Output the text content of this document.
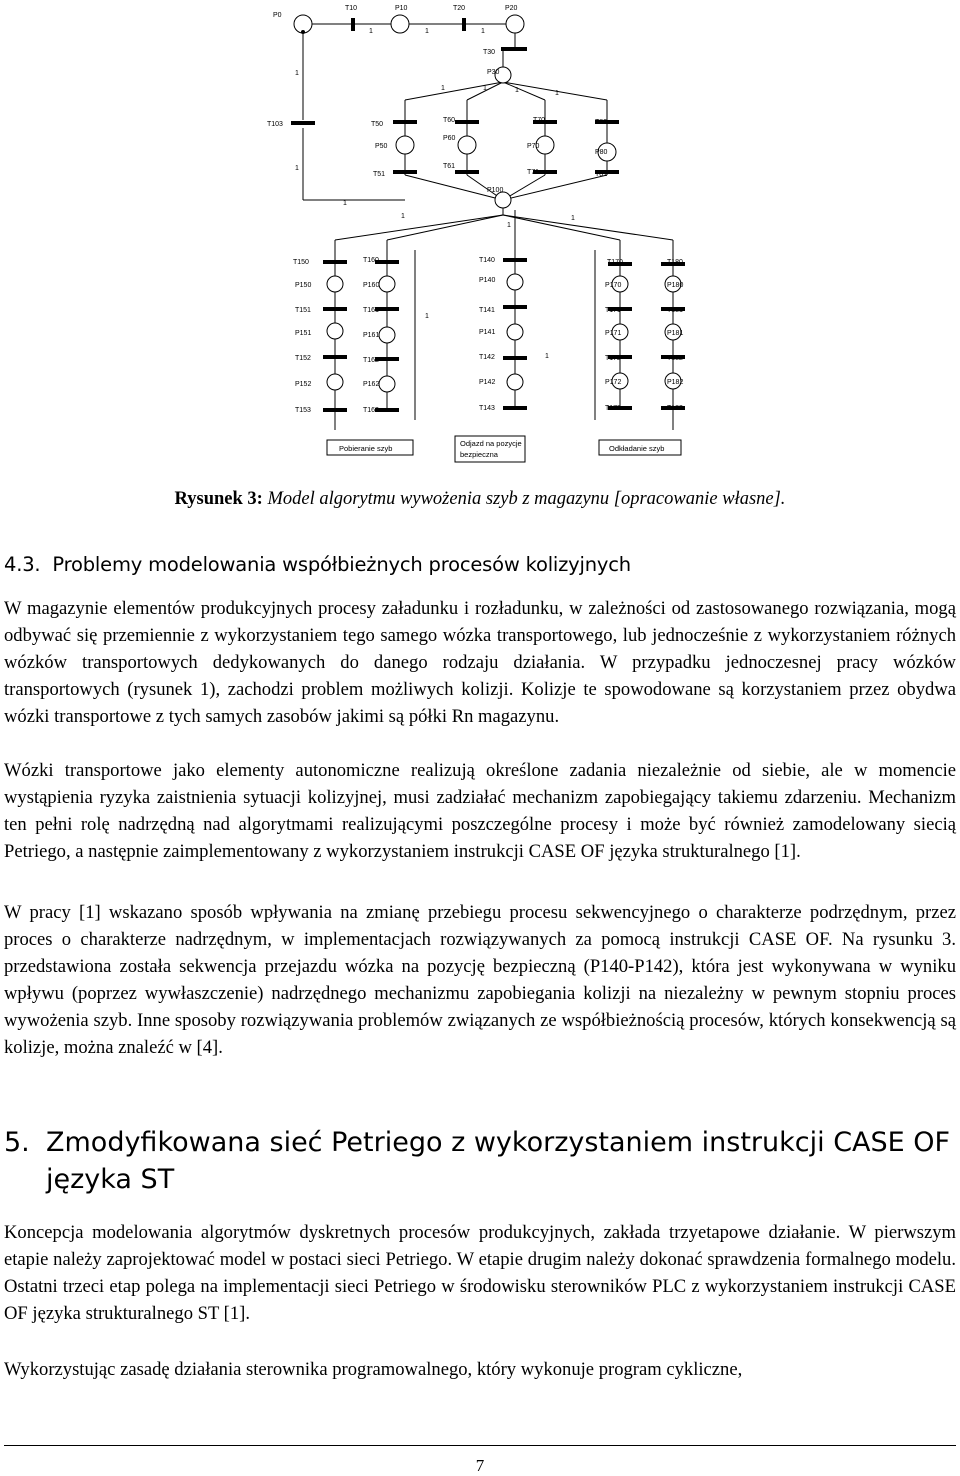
P0
T10	P10	T20	P20
T30
P30
T50
T60	T70	T80
P50
P60
P70
P80
T51
T61
T71	T81
T103
P100
T150	T160	T140	T170	T180
P150	P160
P140
P170	P180
T151	T161	T141	T171	T181
P151	P161	P141	P171	P181
T152	T162	T142	T172	T182
P152	P162	P142	P172	P182
T153	T163	T143	T173	T183
1	1	1
1
1
1
1	1	1	1
1
1
1
1
1
Pobieranie szyb
Odjazd na pozycje
bezpieczna
Odkładanie szyb
Rysunek 3: Model algorytmu wywożenia szyb z magazynu [opracowanie własne].
4.3. Problemy modelowania współbieżnych procesów kolizyjnych

W magazynie elementów produkcyjnych procesy załadunku i rozładunku, w zależności od zastosowanego rozwiązania, mogą odbywać się przemiennie z wykorzystaniem tego samego wózka transportowego, lub jednocześnie z wykorzystaniem różnych wózków transportowych dedykowanych do danego rodzaju działania. W przypadku jednoczesnej pracy wózków transportowych (rysunek 1), zachodzi problem możliwych kolizji. Kolizje te spowodowane są korzystaniem przez obydwa wózki transportowe z tych samych zasobów jakimi są półki Rn magazynu.

Wózki transportowe jako elementy autonomiczne realizują określone zadania niezależnie od siebie, ale w momencie wystąpienia ryzyka zaistnienia sytuacji kolizyjnej, musi zadziałać mechanizm zapobiegający takiemu zdarzeniu. Mechanizm ten pełni rolę nadrzędną nad algorytmami realizującymi poszczególne procesy i może być również zamodelowany siecią Petriego, a następnie zaimplementowany z wykorzystaniem instrukcji CASE OF języka strukturalnego [1].

W pracy [1] wskazano sposób wpływania na zmianę przebiegu procesu sekwencyjnego o charakterze podrzędnym, przez proces o charakterze nadrzędnym, w implementacjach rozwiązywanych za pomocą instrukcji CASE OF. Na rysunku 3. przedstawiona została sekwencja przejazdu wózka na pozycję bezpieczną (P140-P142), która jest wykonywana w wyniku wpływu (poprzez wywłaszczenie) nadrzędnego mechanizmu zapobiegania kolizji na niezależny w pewnym stopniu proces wywożenia szyb. Inne sposoby rozwiązywania problemów związanych ze współbieżnością procesów, których konsekwencją są kolizje, można znaleźć w [4].

5. Zmodyfikowana sieć Petriego z wykorzystaniem instrukcji CASE OF
języka ST

Koncepcja modelowania algorytmów dyskretnych procesów produkcyjnych, zakłada trzyetapowe działanie. W pierwszym etapie należy zaprojektować model w postaci sieci Petriego. W etapie drugim należy dokonać sprawdzenia formalnego modelu. Ostatni trzeci etap polega na implementacji sieci Petriego w środowisku sterowników PLC z wykorzystaniem instrukcji CASE OF języka strukturalnego ST [1].

Wykorzystując zasadę działania sterownika programowalnego, który wykonuje program cykliczne,

7
